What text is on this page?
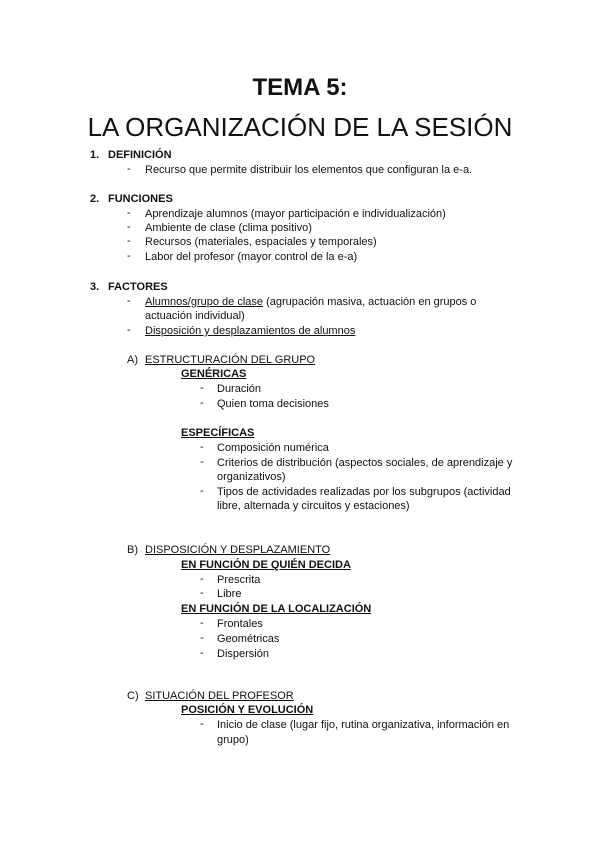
TEMA 5:
LA ORGANIZACIÓN DE LA SESIÓN
1. DEFINICIÓN
- Recurso que permite distribuir los elementos que configuran la e-a.
2. FUNCIONES
- Aprendizaje alumnos (mayor participación e individualización)
- Ambiente de clase (clima positivo)
- Recursos (materiales, espaciales y temporales)
- Labor del profesor (mayor control de la e-a)
3. FACTORES
- Alumnos/grupo de clase (agrupación masiva, actuación en grupos o
actuación individual)
- Disposición y desplazamientos de alumnos
A) ESTRUCTURACIÓN DEL GRUPO
GENÉRICAS
- Duración
- Quien toma decisiones
ESPECÍFICAS
- Composición numérica
- Criterios de distribución (aspectos sociales, de aprendizaje y
organizativos)
- Tipos de actividades realizadas por los subgrupos (actividad
libre, alternada y circuitos y estaciones)
B) DISPOSICIÓN Y DESPLAZAMIENTO
EN FUNCIÓN DE QUIÉN DECIDA
- Prescrita
- Libre
EN FUNCIÓN DE LA LOCALIZACIÓN
- Frontales
- Geométricas
- Dispersión
C) SITUACIÓN DEL PROFESOR
POSICIÓN Y EVOLUCIÓN
- Inicio de clase (lugar fijo, rutina organizativa, información en
grupo)
